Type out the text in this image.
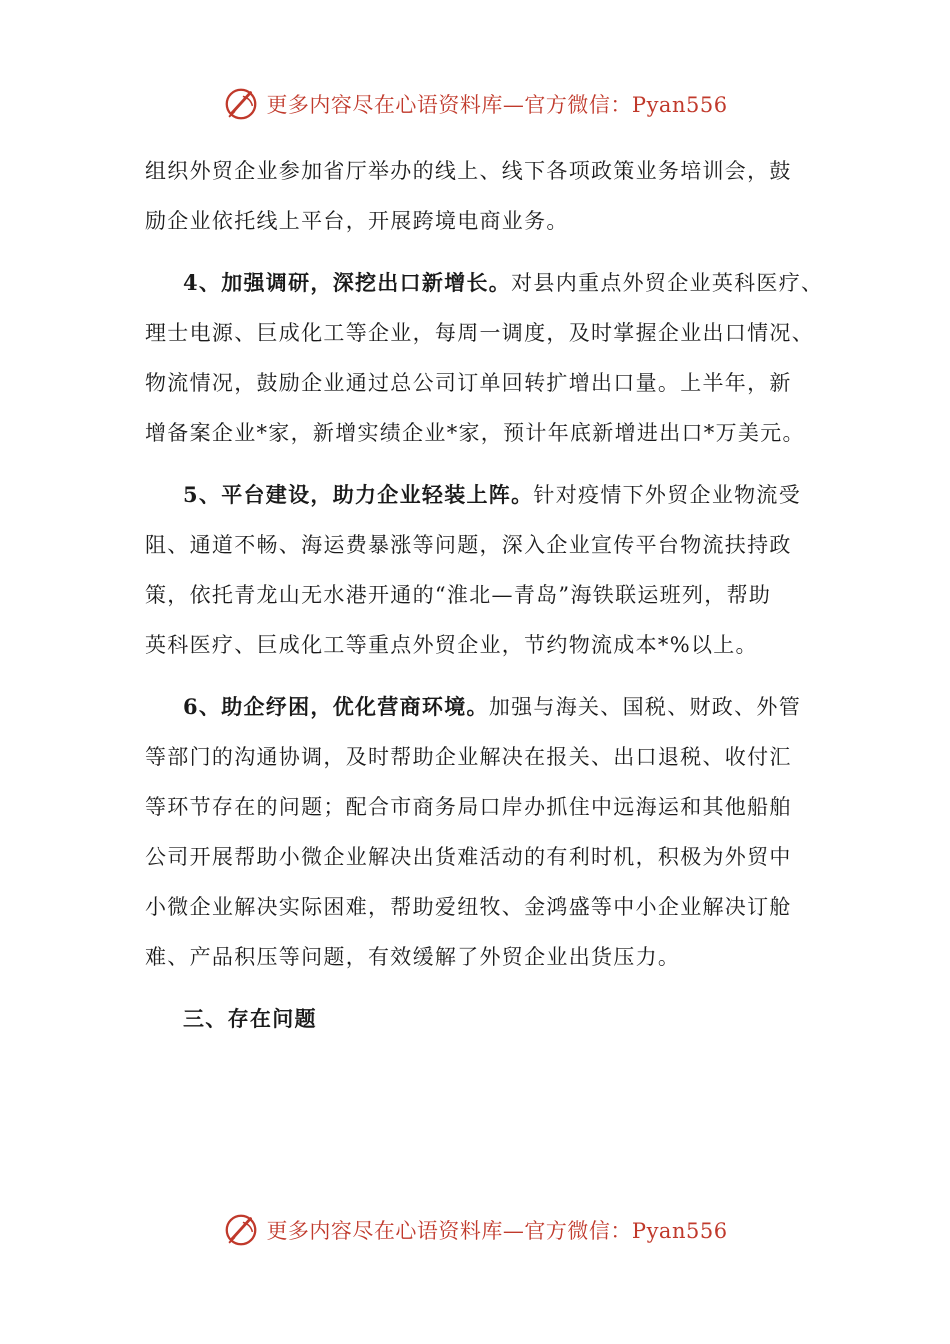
更多内容尽在心语资料库—官方微信：Pyan556
组织外贸企业参加省厅举办的线上、线下各项政策业务培训会，鼓
励企业依托线上平台，开展跨境电商业务。
4、加强调研，深挖出口新增长。对县内重点外贸企业英科医疗、
理士电源、巨成化工等企业，每周一调度，及时掌握企业出口情况、
物流情况，鼓励企业通过总公司订单回转扩增出口量。上半年，新
增备案企业*家，新增实绩企业*家，预计年底新增进出口*万美元。
5、平台建设，助力企业轻装上阵。针对疫情下外贸企业物流受
阻、通道不畅、海运费暴涨等问题，深入企业宣传平台物流扶持政
策，依托青龙山无水港开通的“淮北—青岛”海铁联运班列，帮助
英科医疗、巨成化工等重点外贸企业，节约物流成本*%以上。
6、助企纾困，优化营商环境。加强与海关、国税、财政、外管
等部门的沟通协调，及时帮助企业解决在报关、出口退税、收付汇
等环节存在的问题；配合市商务局口岸办抓住中远海运和其他船舶
公司开展帮助小微企业解决出货难活动的有利时机，积极为外贸中
小微企业解决实际困难，帮助爱纽牧、金鸿盛等中小企业解决订舱
难、产品积压等问题，有效缓解了外贸企业出货压力。
三、存在问题
更多内容尽在心语资料库—官方微信：Pyan556
